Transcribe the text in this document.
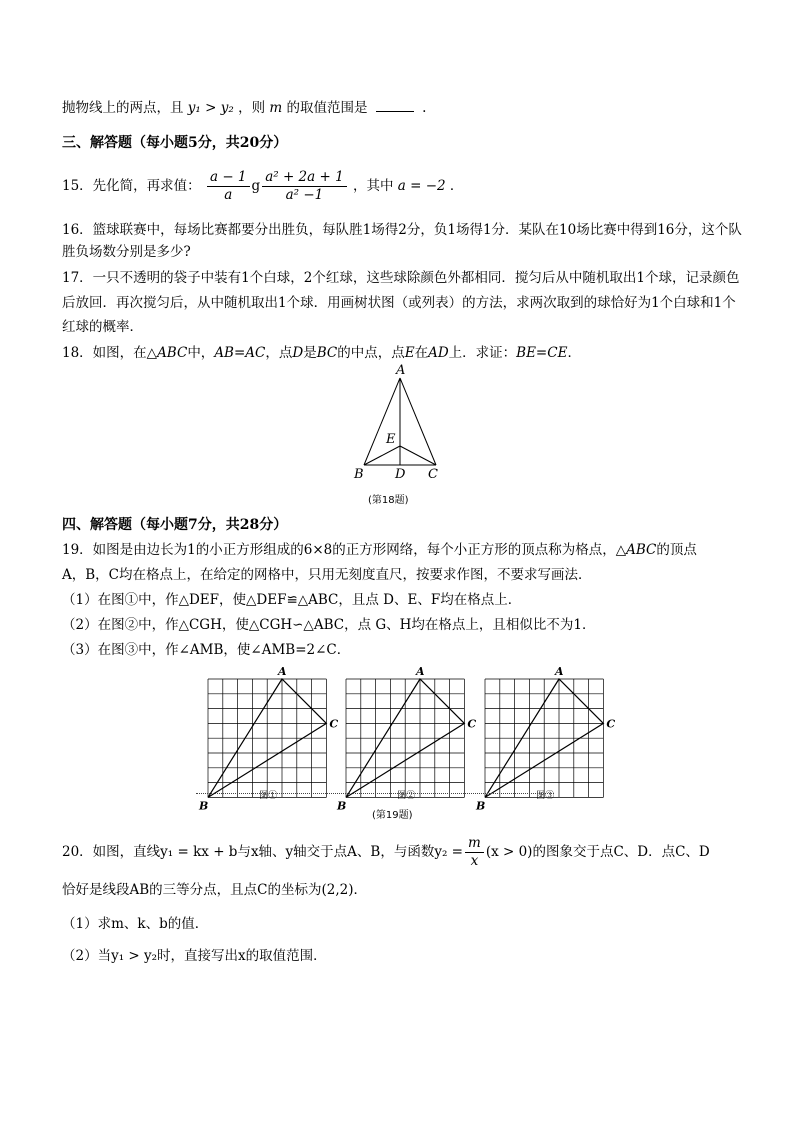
抛物线上的两点，且 y₁ > y₂ ，则 m 的取值范围是	.
三、解答题（每小题5分，共20分）
15．先化简，再求值： $\frac{a - 1}{a}$ g $\frac{\text{a² + 2a + 1}}{\text{a² −1}}$ ，其中 a = −2 ．
16．篮球联赛中，每场比赛都要分出胜负，每队胜1场得2分，负1场得1分．某队在10场比赛中得到16分，这个队胜负场数分别是多少?
17．一只不透明的袋子中装有1个白球，2个红球，这些球除颜色外都相同．搅匀后从中随机取出1个球，记录颜色后放回．再次搅匀后，从中随机取出1个球．用画树状图（或列表）的方法，求两次取到的球恰好为1个白球和1个红球的概率．
18．如图，在△ABC中，AB=AC，点D是BC的中点，点E在AD上．求证：BE=CE．
A
B	C
D
E
(第18题)
四、解答题（每小题7分，共28分）
19．如图是由边长为1的小正方形组成的6×8的正方形网络，每个小正方形的顶点称为格点，△ABC的顶点
A，B，C均在格点上，在给定的网格中，只用无刻度直尺，按要求作图，不要求写画法．
（1）在图①中，作△DEF，使△DEF≌△ABC，且点 D、E、F均在格点上．
（2）在图②中，作△CGH，使△CGH∽△ABC，点 G、H均在格点上，且相似比不为1．
（3）在图③中，作∠AMB，使∠AMB=2∠C．
A
B
C
图①
A
B
C
图②
A
B
C
图③
(第19题)
20．如图，直线y₁ = kx + b与x轴、y轴交于点A、B，与函数$y_2 = \frac{m}{x} (x > 0)$的图象交于点C、D．点C、D
恰好是线段AB的三等分点，且点C的坐标为(2,2)．
（1）求m、k、b的值．
（2）当y₁ > y₂时，直接写出x的取值范围．
